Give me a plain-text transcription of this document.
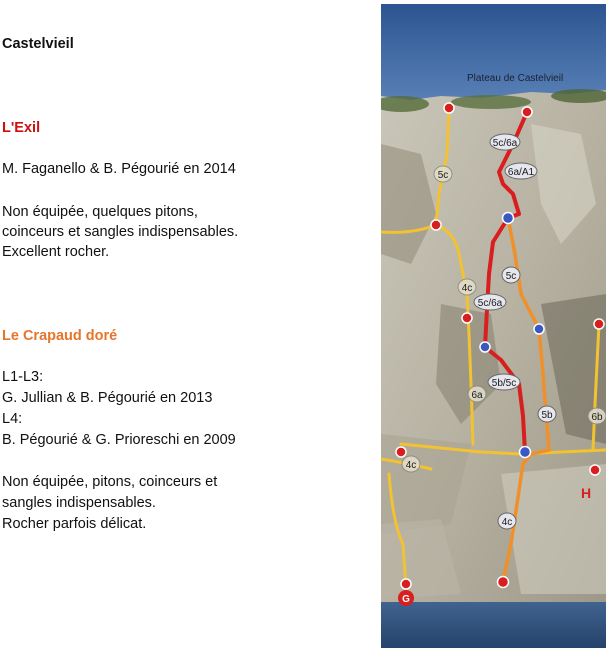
Castelvieil
L'Exil
M. Faganello & B. Pégourié en 2014
Non équipée, quelques pitons,
coinceurs et sangles indispensables.
Excellent rocher.
Le Crapaud doré
L1-L3:
G. Jullian & B. Pégourié en 2013
L4:
B. Pégourié & G. Prioreschi en 2009
Non équipée, pitons, coinceurs et
sangles indispensables.
Rocher parfois délicat.
Plateau de Castelvieil
5c/6a
6a/A1
5c
5c/6a
5b/5c
5b
4c
5c
4c
6a
6b
4c
H
G
